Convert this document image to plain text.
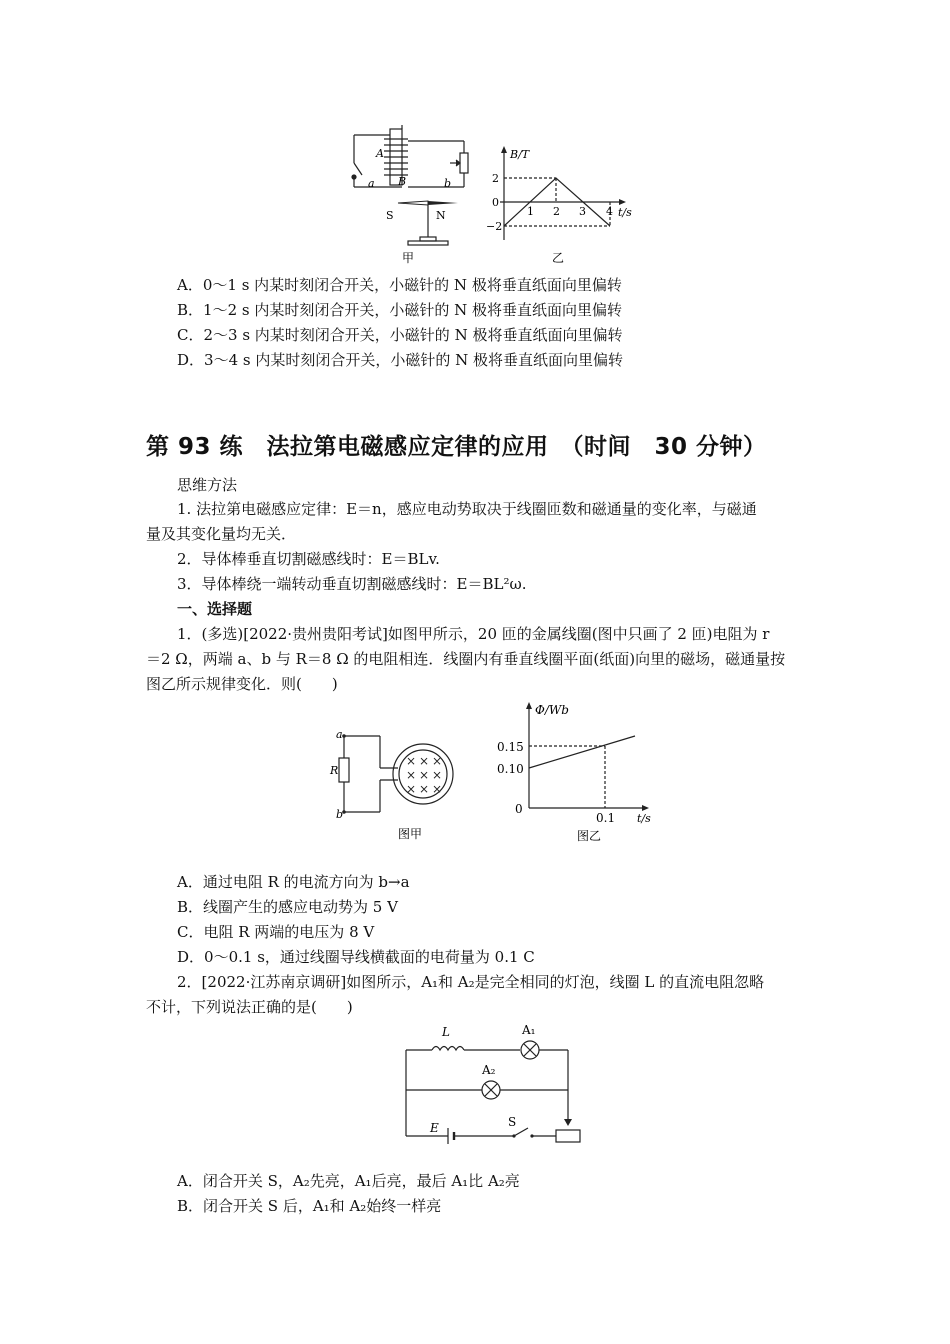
A
B
a	b
S	N
甲
B/T
t/s
2
0
−2
1 2 3 4
乙
A．0～1 s 内某时刻闭合开关，小磁针的 N 极将垂直纸面向里偏转
B．1～2 s 内某时刻闭合开关，小磁针的 N 极将垂直纸面向里偏转
C．2～3 s 内某时刻闭合开关，小磁针的 N 极将垂直纸面向里偏转
D．3～4 s 内某时刻闭合开关，小磁针的 N 极将垂直纸面向里偏转
第 93 练　法拉第电磁感应定律的应用　（时间　30 分钟）
思维方法
1. 法拉第电磁感应定律：E＝n，感应电动势取决于线圈匝数和磁通量的变化率，与磁通
量及其变化量均无关．
2．导体棒垂直切割磁感线时：E＝BLv.
3．导体棒绕一端转动垂直切割磁感线时：E＝BL²ω.
一、选择题
1．(多选)[2022·贵州贵阳考试]如图甲所示，20 匝的金属线圈(图中只画了 2 匝)电阻为 r
＝2 Ω，两端 a、b 与 R＝8 Ω 的电阻相连．线圈内有垂直线圈平面(纸面)向里的磁场，磁通量按
图乙所示规律变化．则(　　)
× × ×
× × ×
× × ×
a
R
b
图甲
Φ/Wb
t/s
0.15
0.10
0
0.1
图乙
A．通过电阻 R 的电流方向为 b→a
B．线圈产生的感应电动势为 5 V
C．电阻 R 两端的电压为 8 V
D．0～0.1 s，通过线圈导线横截面的电荷量为 0.1 C
2．[2022·江苏南京调研]如图所示，A₁和 A₂是完全相同的灯泡，线圈 L 的直流电阻忽略
不计，下列说法正确的是(　　)
L	A₁
A₂
E	S
A．闭合开关 S，A₂先亮，A₁后亮，最后 A₁比 A₂亮
B．闭合开关 S 后，A₁和 A₂始终一样亮
